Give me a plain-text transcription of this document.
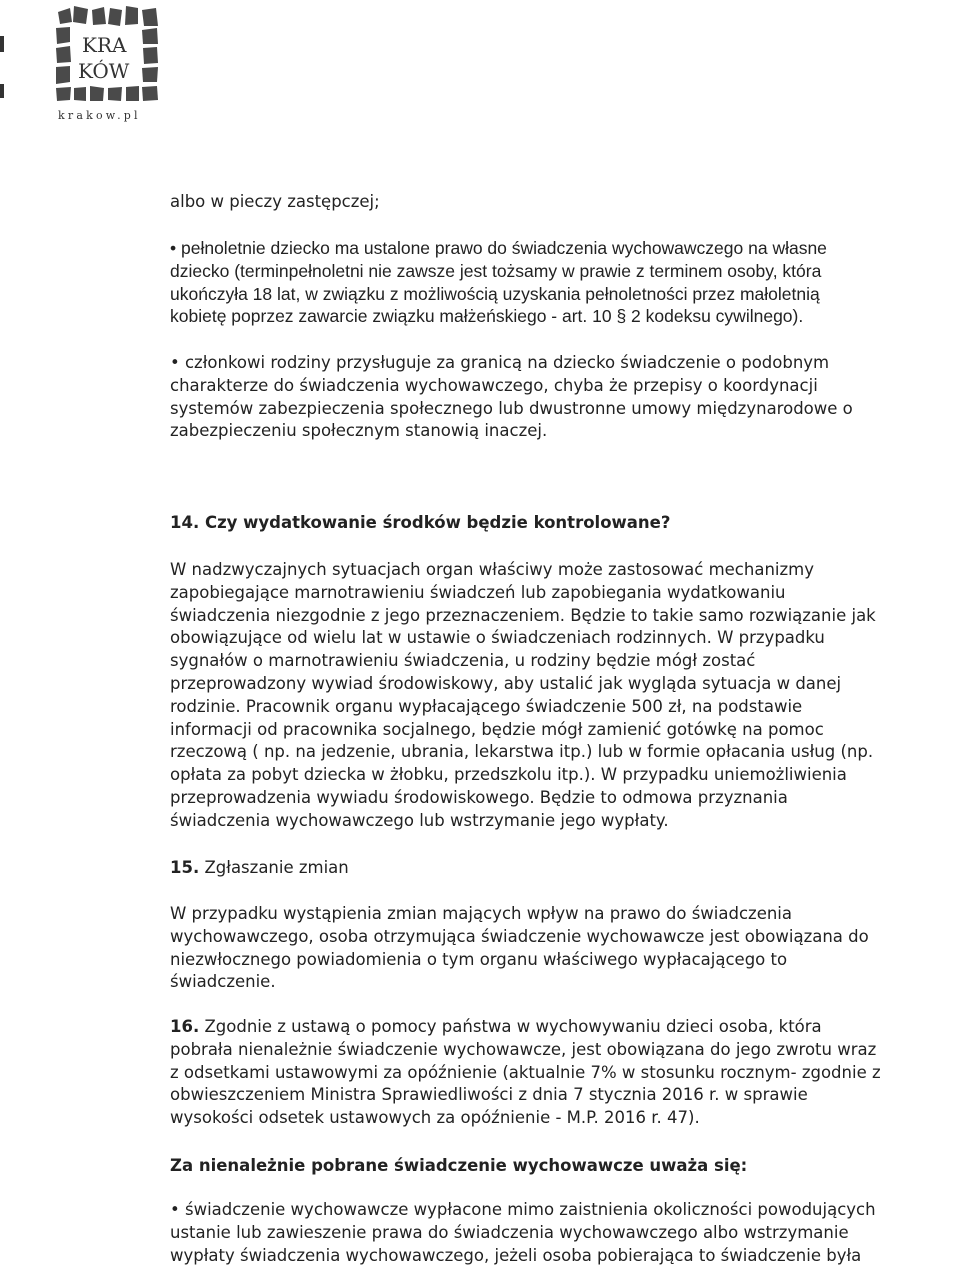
KRA
KÓW
krakow.pl
albo w pieczy zastępczej;
• pełnoletnie dziecko ma ustalone prawo do świadczenia wychowawczego na własne
dziecko (terminpełnoletni nie zawsze jest tożsamy w prawie z terminem osoby, która
ukończyła 18 lat, w związku z możliwością uzyskania pełnoletności przez małoletnią
kobietę poprzez zawarcie związku małżeńskiego - art. 10 § 2 kodeksu cywilnego).
• członkowi rodziny przysługuje za granicą na dziecko świadczenie o podobnym
charakterze do świadczenia wychowawczego, chyba że przepisy o koordynacji
systemów zabezpieczenia społecznego lub dwustronne umowy międzynarodowe o
zabezpieczeniu społecznym stanowią inaczej.
14. Czy wydatkowanie środków będzie kontrolowane?
W nadzwyczajnych sytuacjach organ właściwy może zastosować mechanizmy
zapobiegające marnotrawieniu świadczeń lub zapobiegania wydatkowaniu
świadczenia niezgodnie z jego przeznaczeniem. Będzie to takie samo rozwiązanie jak
obowiązujące od wielu lat w ustawie o świadczeniach rodzinnych. W przypadku
sygnałów o marnotrawieniu świadczenia, u rodziny będzie mógł zostać
przeprowadzony wywiad środowiskowy, aby ustalić jak wygląda sytuacja w danej
rodzinie. Pracownik organu wypłacającego świadczenie 500 zł, na podstawie
informacji od pracownika socjalnego, będzie mógł zamienić gotówkę na pomoc
rzeczową ( np. na jedzenie, ubrania, lekarstwa itp.) lub w formie opłacania usług (np.
opłata za pobyt dziecka w żłobku, przedszkolu itp.). W przypadku uniemożliwienia
przeprowadzenia wywiadu środowiskowego. Będzie to odmowa przyznania
świadczenia wychowawczego lub wstrzymanie jego wypłaty.
15. Zgłaszanie zmian
W przypadku wystąpienia zmian mających wpływ na prawo do świadczenia
wychowawczego, osoba otrzymująca świadczenie wychowawcze jest obowiązana do
niezwłocznego powiadomienia o tym organu właściwego wypłacającego to
świadczenie.
16. Zgodnie z ustawą o pomocy państwa w wychowywaniu dzieci osoba, która
pobrała nienależnie świadczenie wychowawcze, jest obowiązana do jego zwrotu wraz
z odsetkami ustawowymi za opóźnienie (aktualnie 7% w stosunku rocznym- zgodnie z
obwieszczeniem Ministra Sprawiedliwości z dnia 7 stycznia 2016 r. w sprawie
wysokości odsetek ustawowych za opóźnienie - M.P. 2016 r. 47).
Za nienależnie pobrane świadczenie wychowawcze uważa się:
• świadczenie wychowawcze wypłacone mimo zaistnienia okoliczności powodujących
ustanie lub zawieszenie prawa do świadczenia wychowawczego albo wstrzymanie
wypłaty świadczenia wychowawczego, jeżeli osoba pobierająca to świadczenie była
